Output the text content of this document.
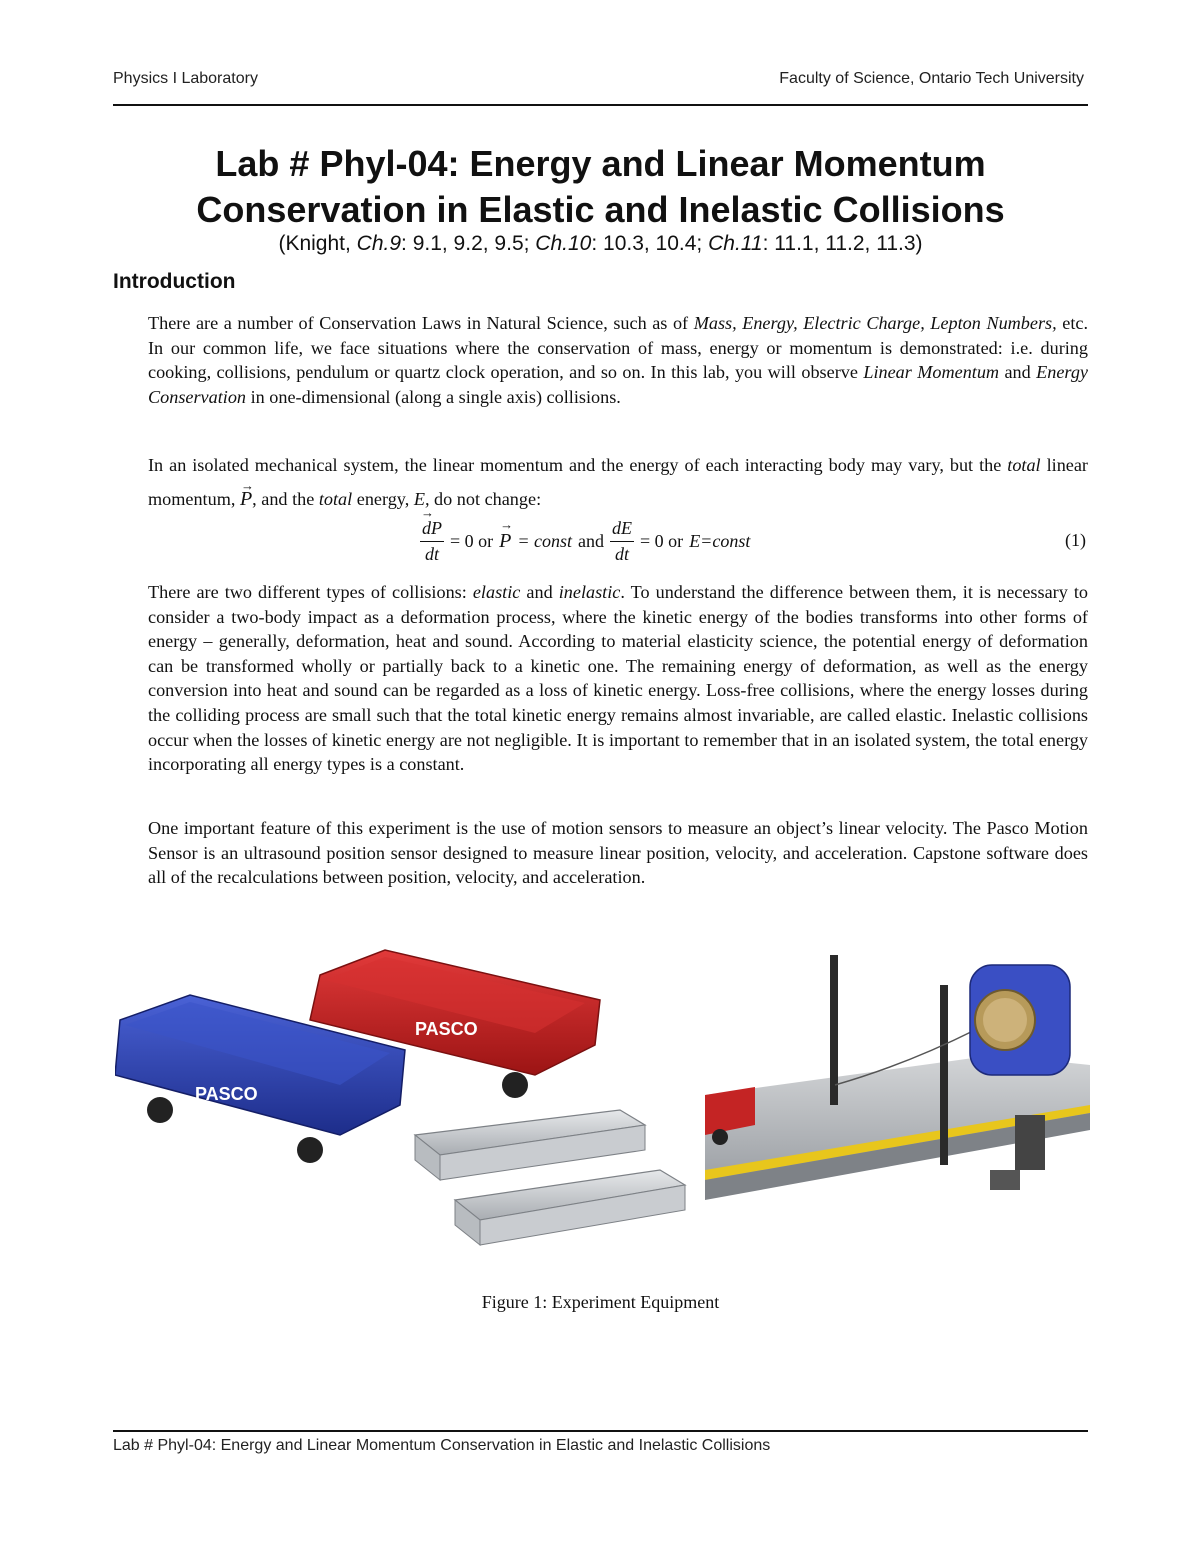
Physics I Laboratory	Faculty of Science, Ontario Tech University
Lab # Phyl-04: Energy and Linear Momentum
Conservation in Elastic and Inelastic Collisions
(Knight, Ch.9: 9.1, 9.2, 9.5; Ch.10: 10.3, 10.4; Ch.11: 11.1, 11.2, 11.3)
Introduction
There are a number of Conservation Laws in Natural Science, such as of Mass, Energy, Electric Charge, Lepton Numbers, etc. In our common life, we face situations where the conservation of mass, energy or momentum is demonstrated: i.e. during cooking, collisions, pendulum or quartz clock operation, and so on. In this lab, you will observe Linear Momentum and Energy Conservation in one-dimensional (along a single axis) collisions.
In an isolated mechanical system, the linear momentum and the energy of each interacting body may vary, but the total linear momentum, → P, and the total energy, E, do not change:
→ $\frac{dP}{dt} = 0$ or
→ P = const and $\frac{dE}{dt} = 0$ or E=const	(1)
There are two different types of collisions: elastic and inelastic. To understand the difference between them, it is necessary to consider a two-body impact as a deformation process, where the kinetic energy of the bodies transforms into other forms of energy – generally, deformation, heat and sound. According to material elasticity science, the potential energy of deformation can be transformed wholly or partially back to a kinetic one. The remaining energy of deformation, as well as the energy conversion into heat and sound can be regarded as a loss of kinetic energy. Loss-free collisions, where the energy losses during the colliding process are small such that the total kinetic energy remains almost invariable, are called elastic. Inelastic collisions occur when the losses of kinetic energy are not negligible. It is important to remember that in an isolated system, the total energy incorporating all energy types is a constant.
One important feature of this experiment is the use of motion sensors to measure an object’s linear velocity. The Pasco Motion Sensor is an ultrasound position sensor designed to measure linear position, velocity, and acceleration. Capstone software does all of the recalculations between position, velocity, and acceleration.
PASCO
PASCO
Figure 1: Experiment Equipment
Lab # Phyl-04: Energy and Linear Momentum Conservation in Elastic and Inelastic Collisions
